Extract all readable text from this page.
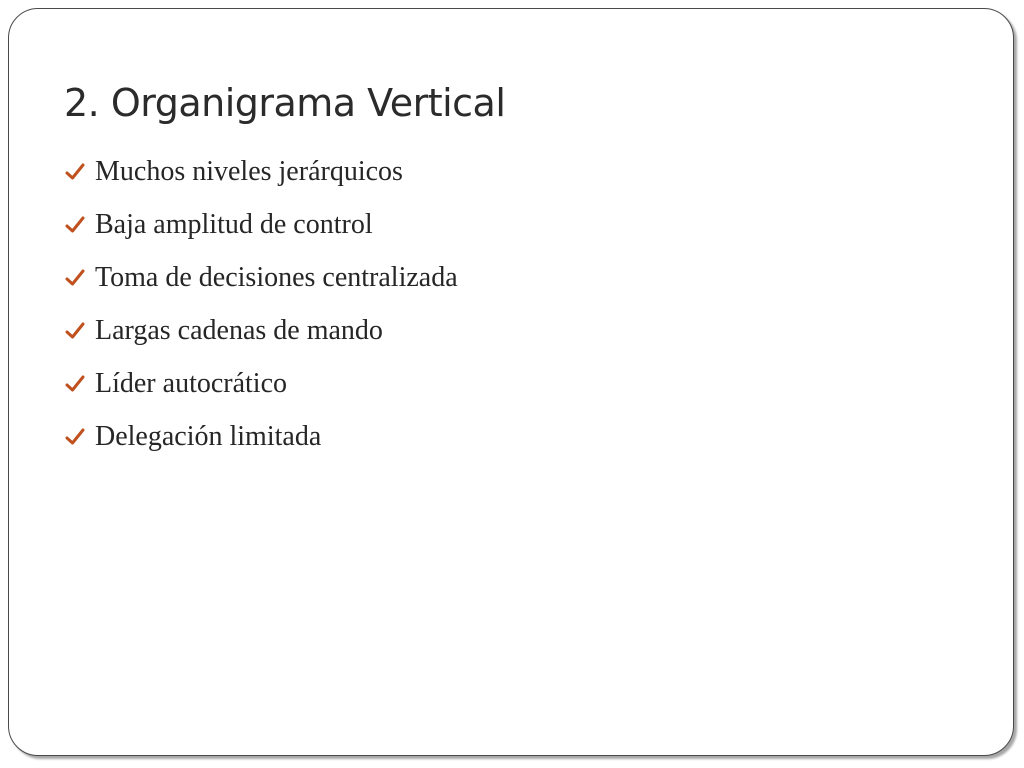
2. Organigrama Vertical
Muchos niveles jerárquicos
Baja amplitud de control
Toma de decisiones centralizada
Largas cadenas de mando
Líder autocrático
Delegación limitada
